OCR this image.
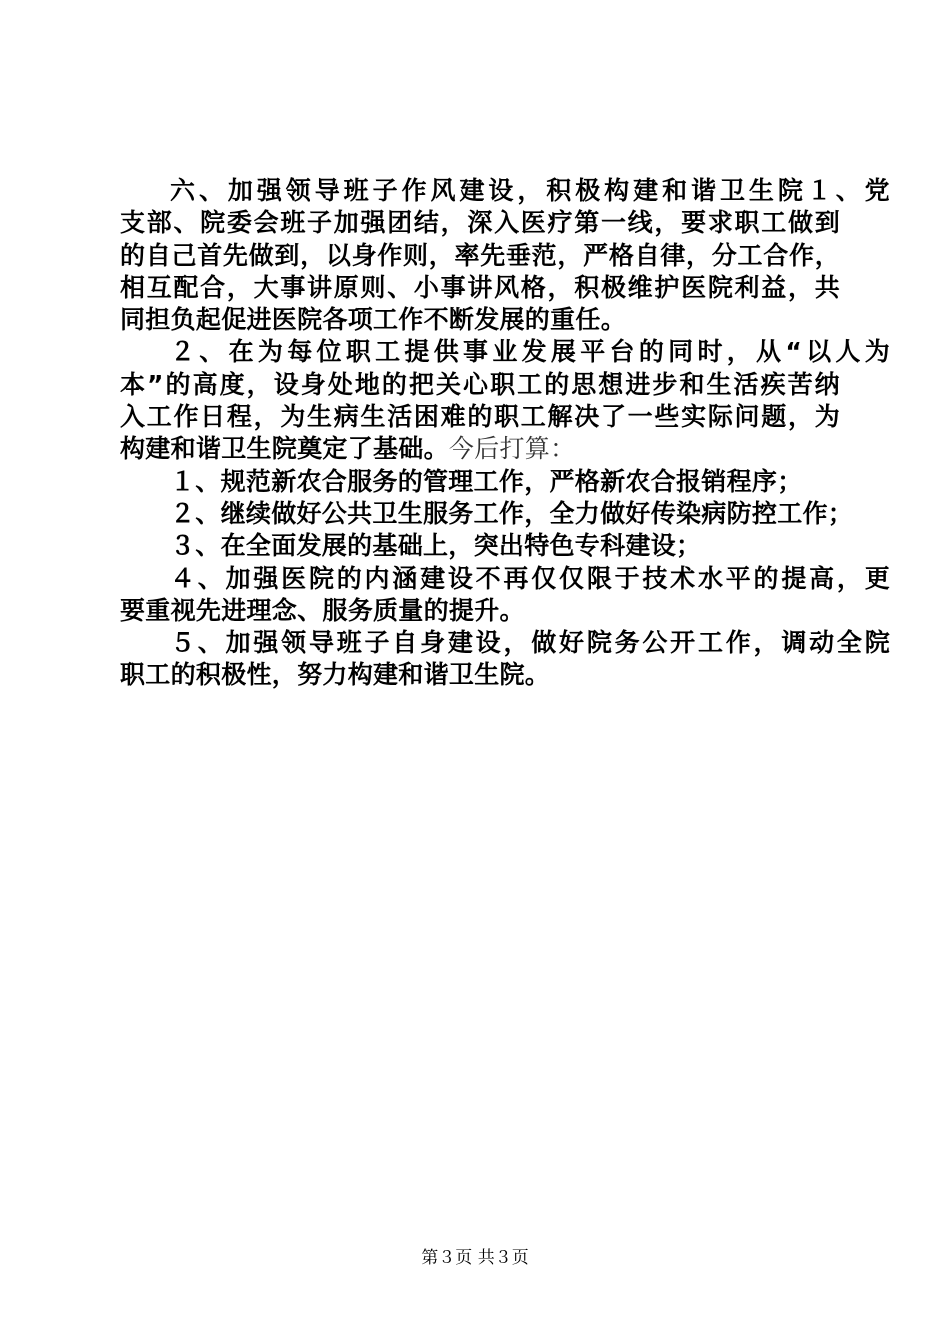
六、加强领导班子作风建设，积极构建和谐卫生院１、党
支部、院委会班子加强团结，深入医疗第一线，要求职工做到
的自己首先做到，以身作则，率先垂范，严格自律，分工合作，
相互配合，大事讲原则、小事讲风格，积极维护医院利益，共
同担负起促进医院各项工作不断发展的重任。
２、在为每位职工提供事业发展平台的同时，从“以人为
本”的高度，设身处地的把关心职工的思想进步和生活疾苦纳
入工作日程，为生病生活困难的职工解决了一些实际问题，为
构建和谐卫生院奠定了基础。今后打算：
１、规范新农合服务的管理工作，严格新农合报销程序；
２、继续做好公共卫生服务工作，全力做好传染病防控工作；
３、在全面发展的基础上，突出特色专科建设；
４、加强医院的内涵建设不再仅仅限于技术水平的提高，更
要重视先进理念、服务质量的提升。
５、加强领导班子自身建设，做好院务公开工作，调动全院
职工的积极性，努力构建和谐卫生院。
第３页 共３页
